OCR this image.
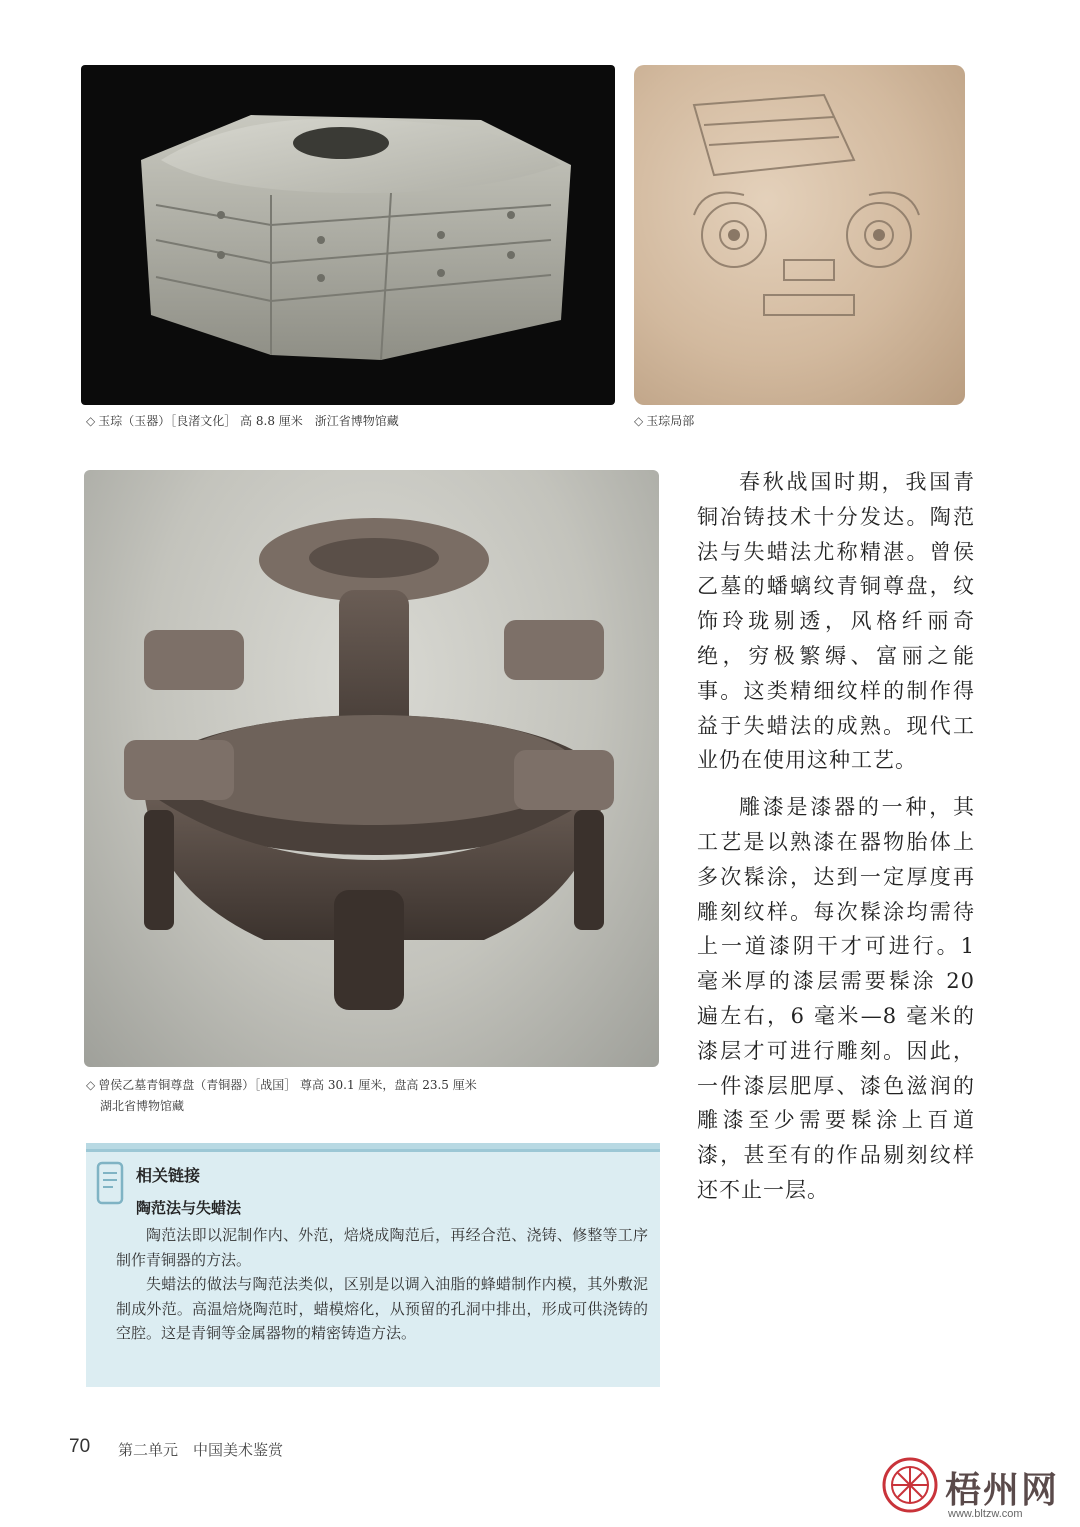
◇ 玉琮（玉器）［良渚文化］ 高 8.8 厘米　浙江省博物馆藏	◇ 玉琮局部
◇ 曾侯乙墓青铜尊盘（青铜器）［战国］ 尊高 30.1 厘米，盘高 23.5 厘米
湖北省博物馆藏

春秋战国时期，我国青铜冶铸技术十分发达。陶范法与失蜡法尤称精湛。曾侯乙墓的蟠螭纹青铜尊盘，纹饰玲珑剔透，风格纤丽奇绝，穷极繁缛、富丽之能事。这类精细纹样的制作得益于失蜡法的成熟。现代工业仍在使用这种工艺。

雕漆是漆器的一种，其工艺是以熟漆在器物胎体上多次髹涂，达到一定厚度再雕刻纹样。每次髹涂均需待上一道漆阴干才可进行。1 毫米厚的漆层需要髹涂 20 遍左右，6 毫米—8 毫米的漆层才可进行雕刻。因此，一件漆层肥厚、漆色滋润的雕漆至少需要髹涂上百道漆，甚至有的作品剔刻纹样还不止一层。

相关链接
陶范法与失蜡法

陶范法即以泥制作内、外范，焙烧成陶范后，再经合范、浇铸、修整等工序制作青铜器的方法。

失蜡法的做法与陶范法类似，区别是以调入油脂的蜂蜡制作内模，其外敷泥制成外范。高温焙烧陶范时，蜡模熔化，从预留的孔洞中排出，形成可供浇铸的空腔。这是青铜等金属器物的精密铸造方法。

70 第二单元　中国美术鉴赏
梧州网
www.bltzw.com
